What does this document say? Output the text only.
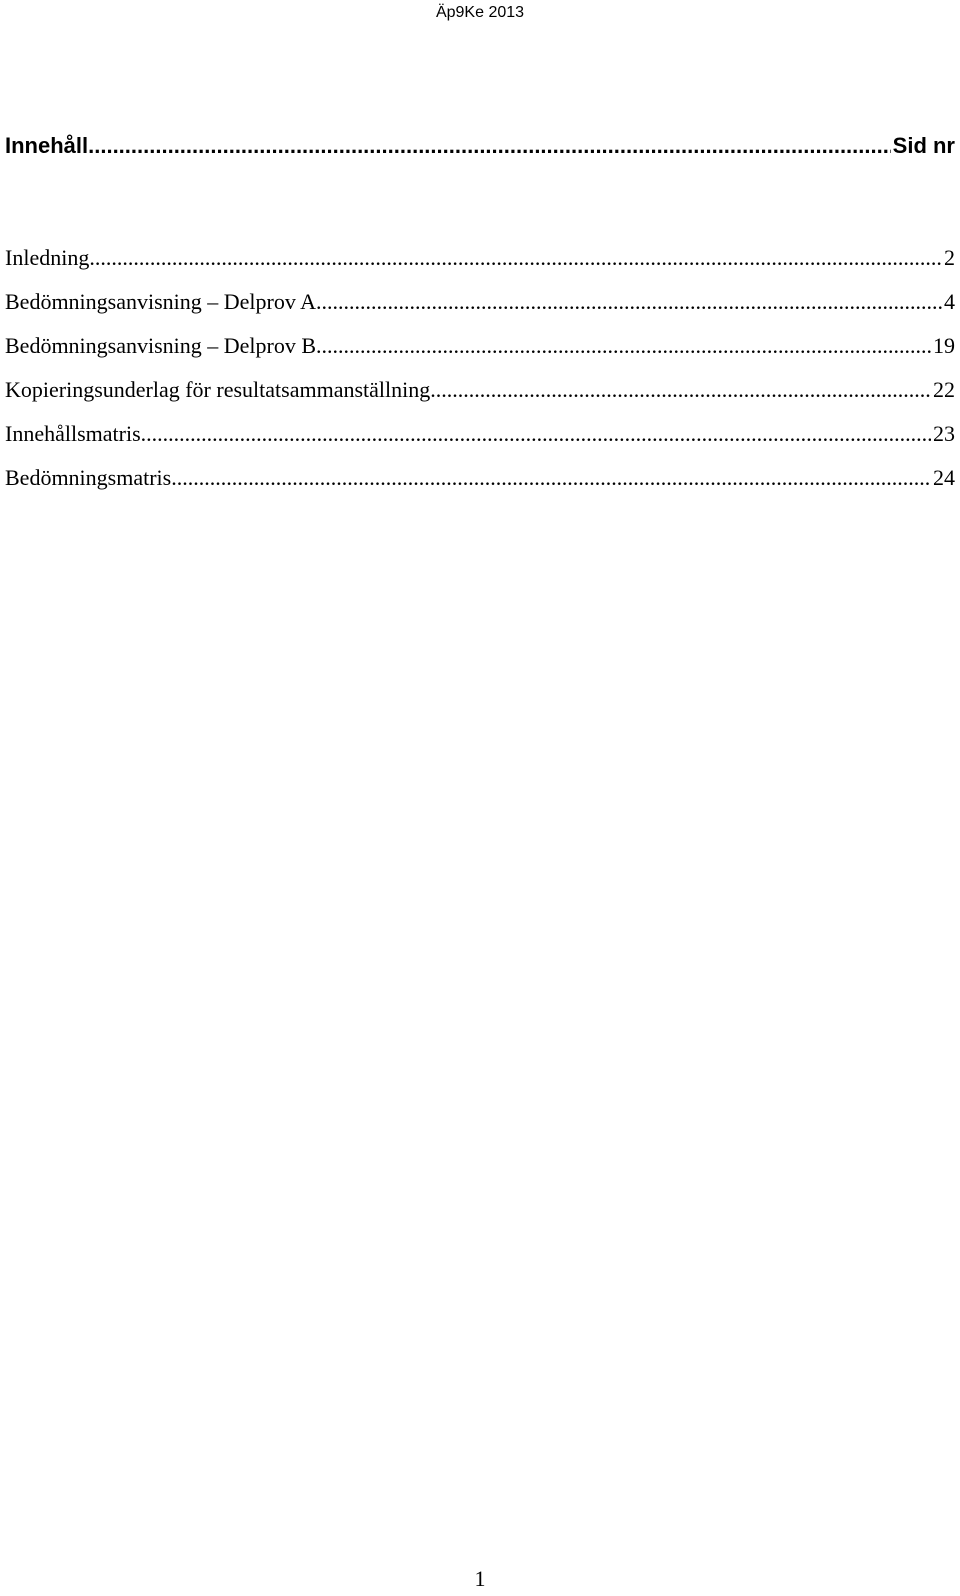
Äp9Ke 2013
Innehåll .....	Sid nr
Inledning .....	2
Bedömningsanvisning – Delprov A .....	4
Bedömningsanvisning – Delprov B .....	19
Kopieringsunderlag för resultatsammanställning .....	22
Innehållsmatris .....	23
Bedömningsmatris .....	24
1
